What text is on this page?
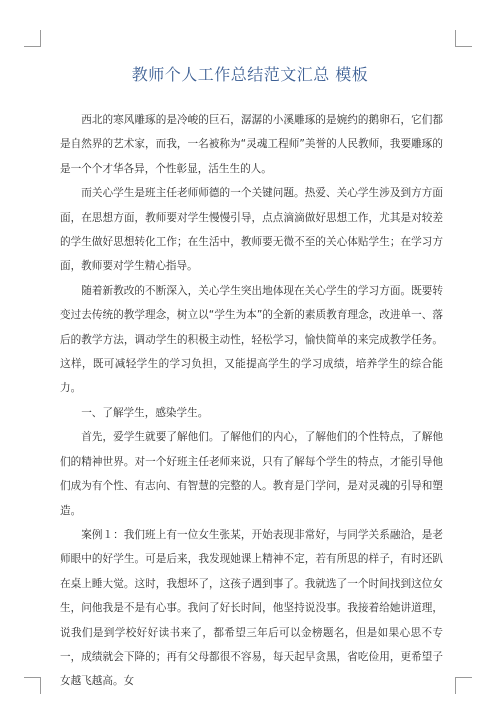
教师个人工作总结范文汇总 模板

西北的寒风雕琢的是冷峻的巨石，潺潺的小溪雕琢的是婉约的鹅卵石，它们都是自然界的艺术家，而我，一名被称为“灵魂工程师”美誉的人民教师，我要雕琢的是一个个才华各异，个性彰显，活生生的人。

而关心学生是班主任老师师德的一个关键问题。热爱、关心学生涉及到方方面面，在思想方面，教师要对学生慢慢引导，点点滴滴做好思想工作，尤其是对较差的学生做好思想转化工作；在生活中，教师要无微不至的关心体贴学生；在学习方面，教师要对学生精心指导。

随着新教改的不断深入，关心学生突出地体现在关心学生的学习方面。既要转变过去传统的教学理念，树立以“学生为本”的全新的素质教育理念，改进单一、落后的教学方法，调动学生的积极主动性，轻松学习，愉快简单的来完成教学任务。这样，既可减轻学生的学习负担，又能提高学生的学习成绩，培养学生的综合能力。

一、了解学生，感染学生。

首先，爱学生就要了解他们。了解他们的内心，了解他们的个性特点，了解他们的精神世界。对一个好班主任老师来说，只有了解每个学生的特点，才能引导他们成为有个性、有志向、有智慧的完整的人。教育是门学问，是对灵魂的引导和塑造。

案例１：我们班上有一位女生张某，开始表现非常好，与同学关系融洽，是老师眼中的好学生。可是后来，我发现她课上精神不定，若有所思的样子，有时还趴在桌上睡大觉。这时，我想坏了，这孩子遇到事了。我就选了一个时间找到这位女生，问他我是不是有心事。我问了好长时间，他坚持说没事。我接着给她讲道理，说我们是到学校好好读书来了，都希望三年后可以金榜题名，但是如果心思不专一，成绩就会下降的；再有父母都很不容易，每天起早贪黑，省吃俭用，更希望子女越飞越高。女
